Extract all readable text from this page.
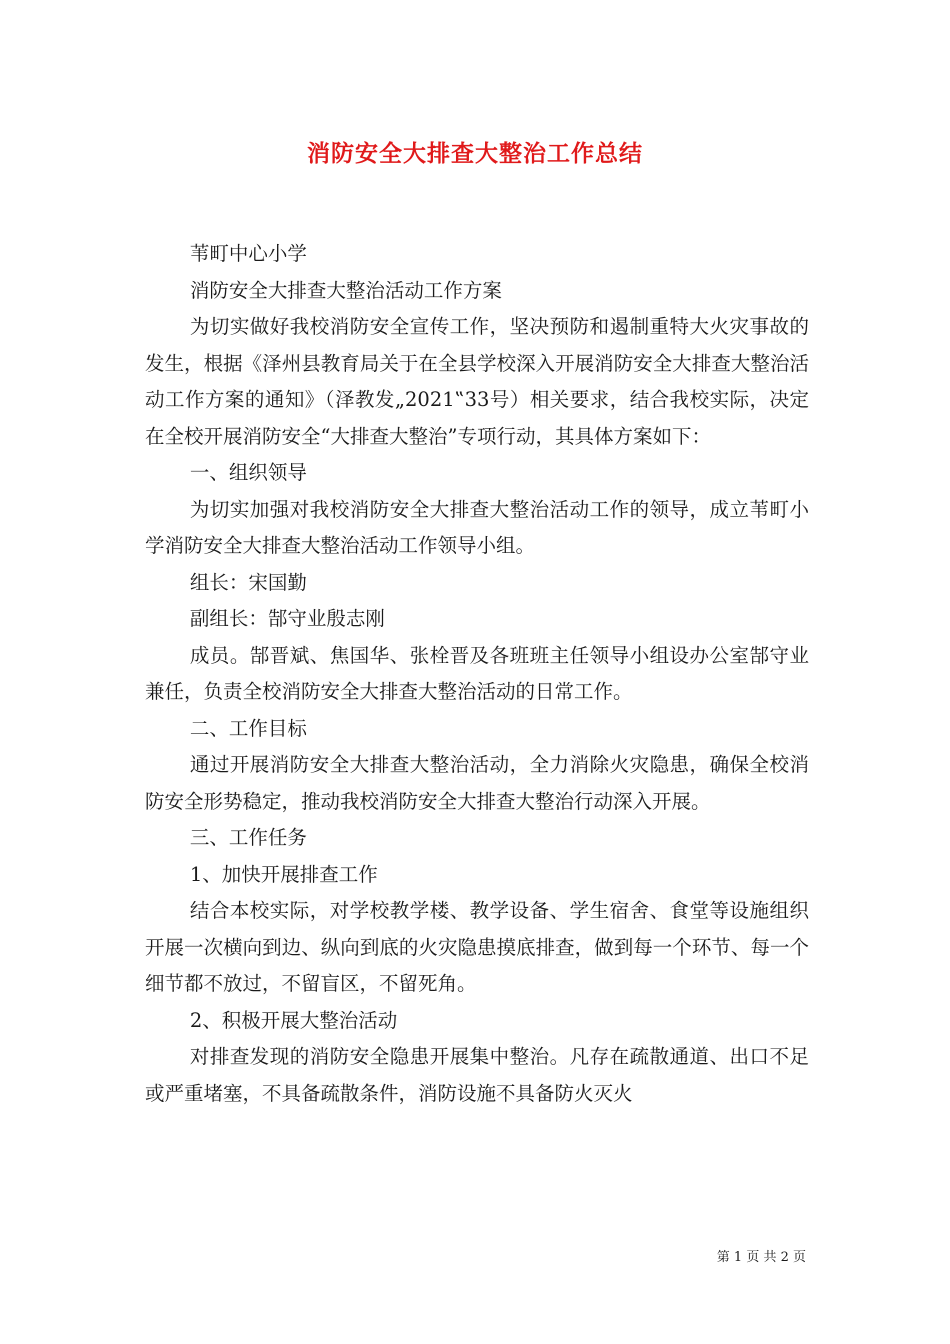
消防安全大排查大整治工作总结

苇町中心小学

消防安全大排查大整治活动工作方案

为切实做好我校消防安全宣传工作，坚决预防和遏制重特大火灾事故的发生，根据《泽州县教育局关于在全县学校深入开展消防安全大排查大整治活动工作方案的通知》（泽教发„2021‟33号）相关要求，结合我校实际，决定在全校开展消防安全“大排查大整治”专项行动，其具体方案如下：

一、组织领导

为切实加强对我校消防安全大排查大整治活动工作的领导，成立苇町小学消防安全大排查大整治活动工作领导小组。

组长：宋国勤

副组长：郜守业殷志刚

成员。郜晋斌、焦国华、张栓晋及各班班主任领导小组设办公室郜守业兼任，负责全校消防安全大排查大整治活动的日常工作。

二、工作目标

通过开展消防安全大排查大整治活动，全力消除火灾隐患，确保全校消防安全形势稳定，推动我校消防安全大排查大整治行动深入开展。

三、工作任务

1、加快开展排查工作

结合本校实际，对学校教学楼、教学设备、学生宿舍、食堂等设施组织开展一次横向到边、纵向到底的火灾隐患摸底排查，做到每一个环节、每一个细节都不放过，不留盲区，不留死角。

2、积极开展大整治活动

对排查发现的消防安全隐患开展集中整治。凡存在疏散通道、出口不足或严重堵塞，不具备疏散条件，消防设施不具备防火灭火

第 1 页 共 2 页
